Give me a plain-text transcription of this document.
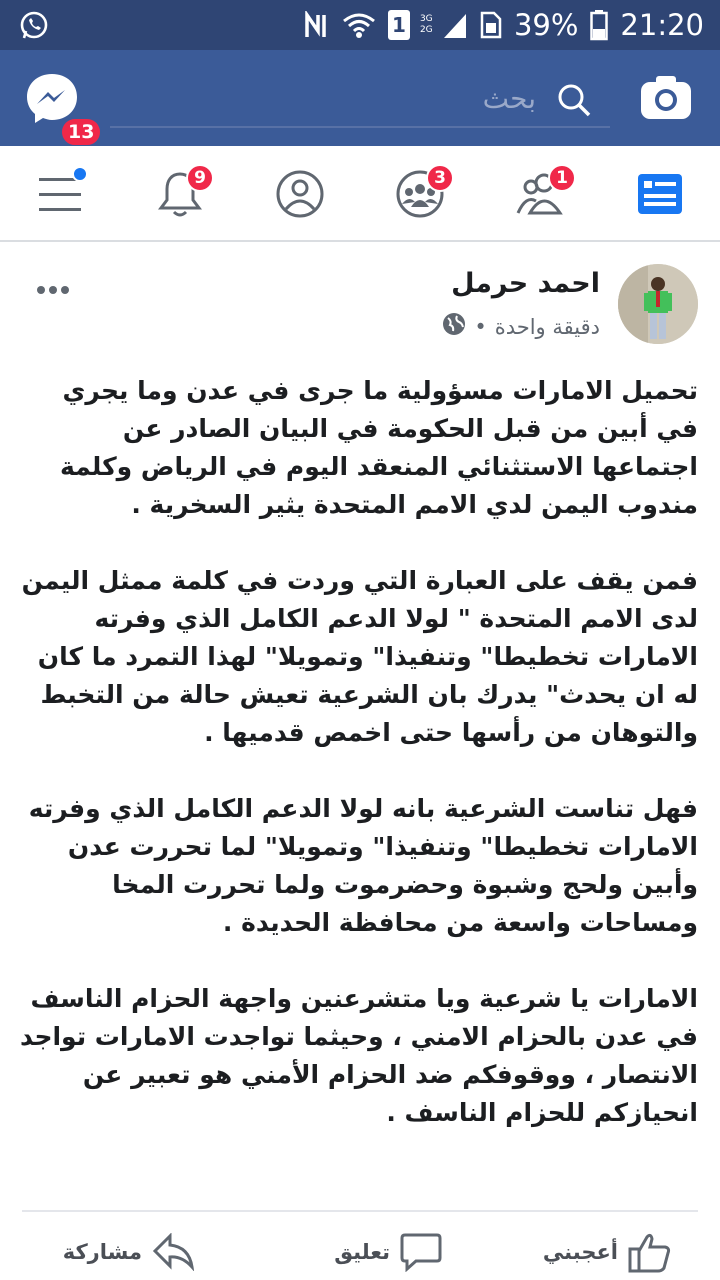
1 3G 2G	39% 21:20
13
بحث
9	3	1
احمد حرمل
دقيقة واحدة
•

تحميل الامارات مسؤولية ما جرى في عدن وما يجري في أبين من قبل الحكومة في البيان الصادر عن اجتماعها الاستثنائي المنعقد اليوم في الرياض وكلمة مندوب اليمن لدي الامم المتحدة يثير السخرية .

فمن يقف على العبارة التي وردت في كلمة ممثل اليمن لدى الامم المتحدة " لولا الدعم الكامل الذي وفرته الامارات تخطيطا" وتنفيذا" وتمويلا" لهذا التمرد ما كان له ان يحدث" يدرك بان الشرعية تعيش حالة من التخبط والتوهان من رأسها حتى اخمص قدميها .

فهل تناست الشرعية بانه لولا الدعم الكامل الذي وفرته الامارات تخطيطا" وتنفيذا" وتمويلا" لما تحررت عدن وأبين ولحج وشبوة وحضرموت ولما تحررت المخا ومساحات واسعة من محافظة الحديدة .

الامارات يا شرعية ويا متشرعنين واجهة الحزام الناسف في عدن بالحزام الامني ، وحيثما تواجدت الامارات تواجد الانتصار ، ووقوفكم ضد الحزام الأمني هو تعبير عن انحيازكم للحزام الناسف .

أعجبني
تعليق
مشاركة
